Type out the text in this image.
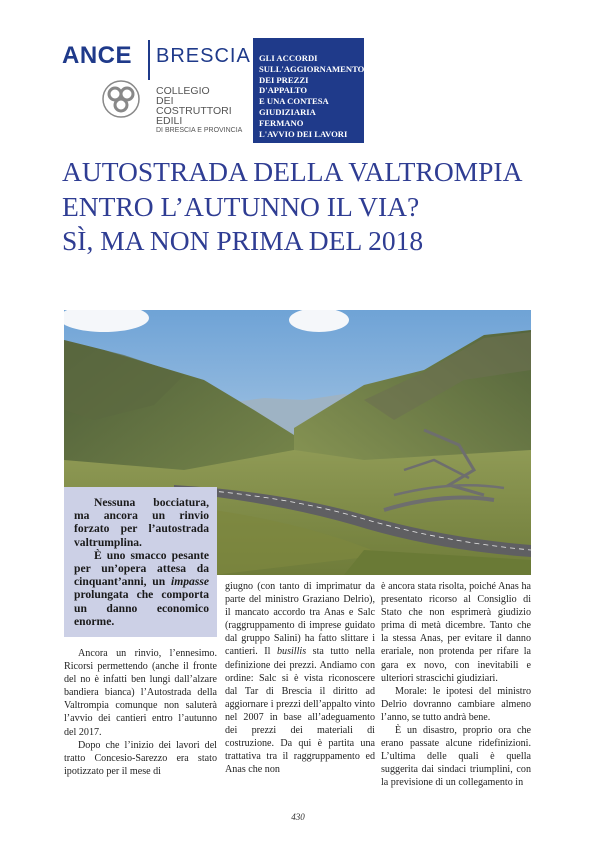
ANCE BRESCIA
COLLEGIO
DEI COSTRUTTORI
EDILI
DI BRESCIA E PROVINCIA
GLI ACCORDI
SULL'AGGIORNAMENTO
DEI PREZZI
D'APPALTO
E UNA CONTESA
GIUDIZIARIA
FERMANO
L'AVVIO DEI LAVORI
AUTOSTRADA DELLA VALTROMPIA
ENTRO L’AUTUNNO IL VIA?
SÌ, MA NON PRIMA DEL 2018

Nessuna bocciatura, ma ancora un rinvio forzato per l’autostrada valtrumplina.

È uno smacco pesante per un’opera attesa da cinquant’anni, un impasse prolungata che comporta un danno economico enorme.

Ancora un rinvio, l’ennesimo. Ricorsi permettendo (anche il fronte del no è infatti ben lungi dall’alzare bandiera bianca) l’Autostrada della Valtrompia comunque non saluterà l’avvio dei cantieri entro l’autunno del 2017.

Dopo che l’inizio dei lavori del tratto Concesio-Sarezzo era stato ipotizzato per il mese di

giugno (con tanto di imprimatur da parte del ministro Graziano Delrio), il mancato accordo tra Anas e Salc (raggruppamento di imprese guidato dal gruppo Salini) ha fatto slittare i cantieri. Il busillis sta tutto nella definizione dei prezzi. Andiamo con ordine: Salc si è vista riconoscere dal Tar di Brescia il diritto ad aggiornare i prezzi dell’appalto vinto nel 2007 in base all’adeguamento dei prezzi dei materiali di costruzione. Da qui è partita una trattativa tra il raggruppamento ed Anas che non

è ancora stata risolta, poiché Anas ha presentato ricorso al Consiglio di Stato che non esprimerà giudizio prima di metà dicembre. Tanto che la stessa Anas, per evitare il danno erariale, non protenda per rifare la gara ex novo, con inevitabili e ulteriori strascichi giudiziari.

Morale: le ipotesi del ministro Delrio dovranno cambiare almeno l’anno, se tutto andrà bene.

È un disastro, proprio ora che erano passate alcune ridefinizioni. L’ultima delle quali è quella suggerita dai sindaci triumplini, con la previsione di un collegamento in

430
